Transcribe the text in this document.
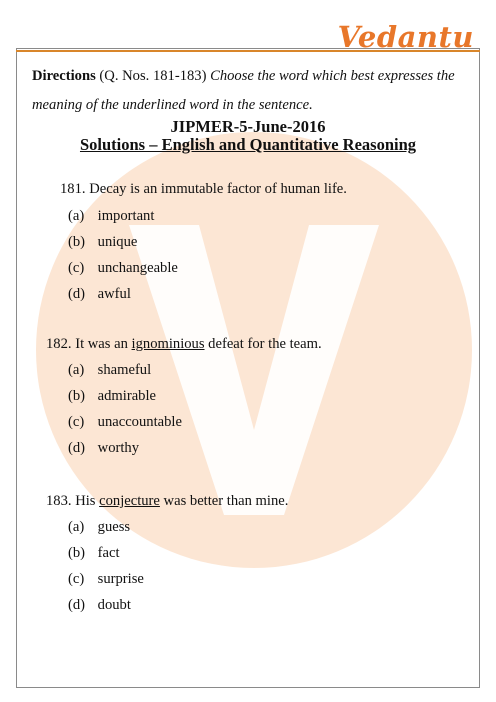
Vedantu
Directions (Q. Nos. 181-183) Choose the word which best expresses the meaning of the underlined word in the sentence.
JIPMER-5-June-2016
Solutions – English and Quantitative Reasoning
181. Decay is an immutable factor of human life.
(a) important
(b) unique
(c) unchangeable
(d) awful
182. It was an ignominious defeat for the team.
(a) shameful
(b) admirable
(c) unaccountable
(d) worthy
183. His conjecture was better than mine.
(a) guess
(b) fact
(c) surprise
(d) doubt
